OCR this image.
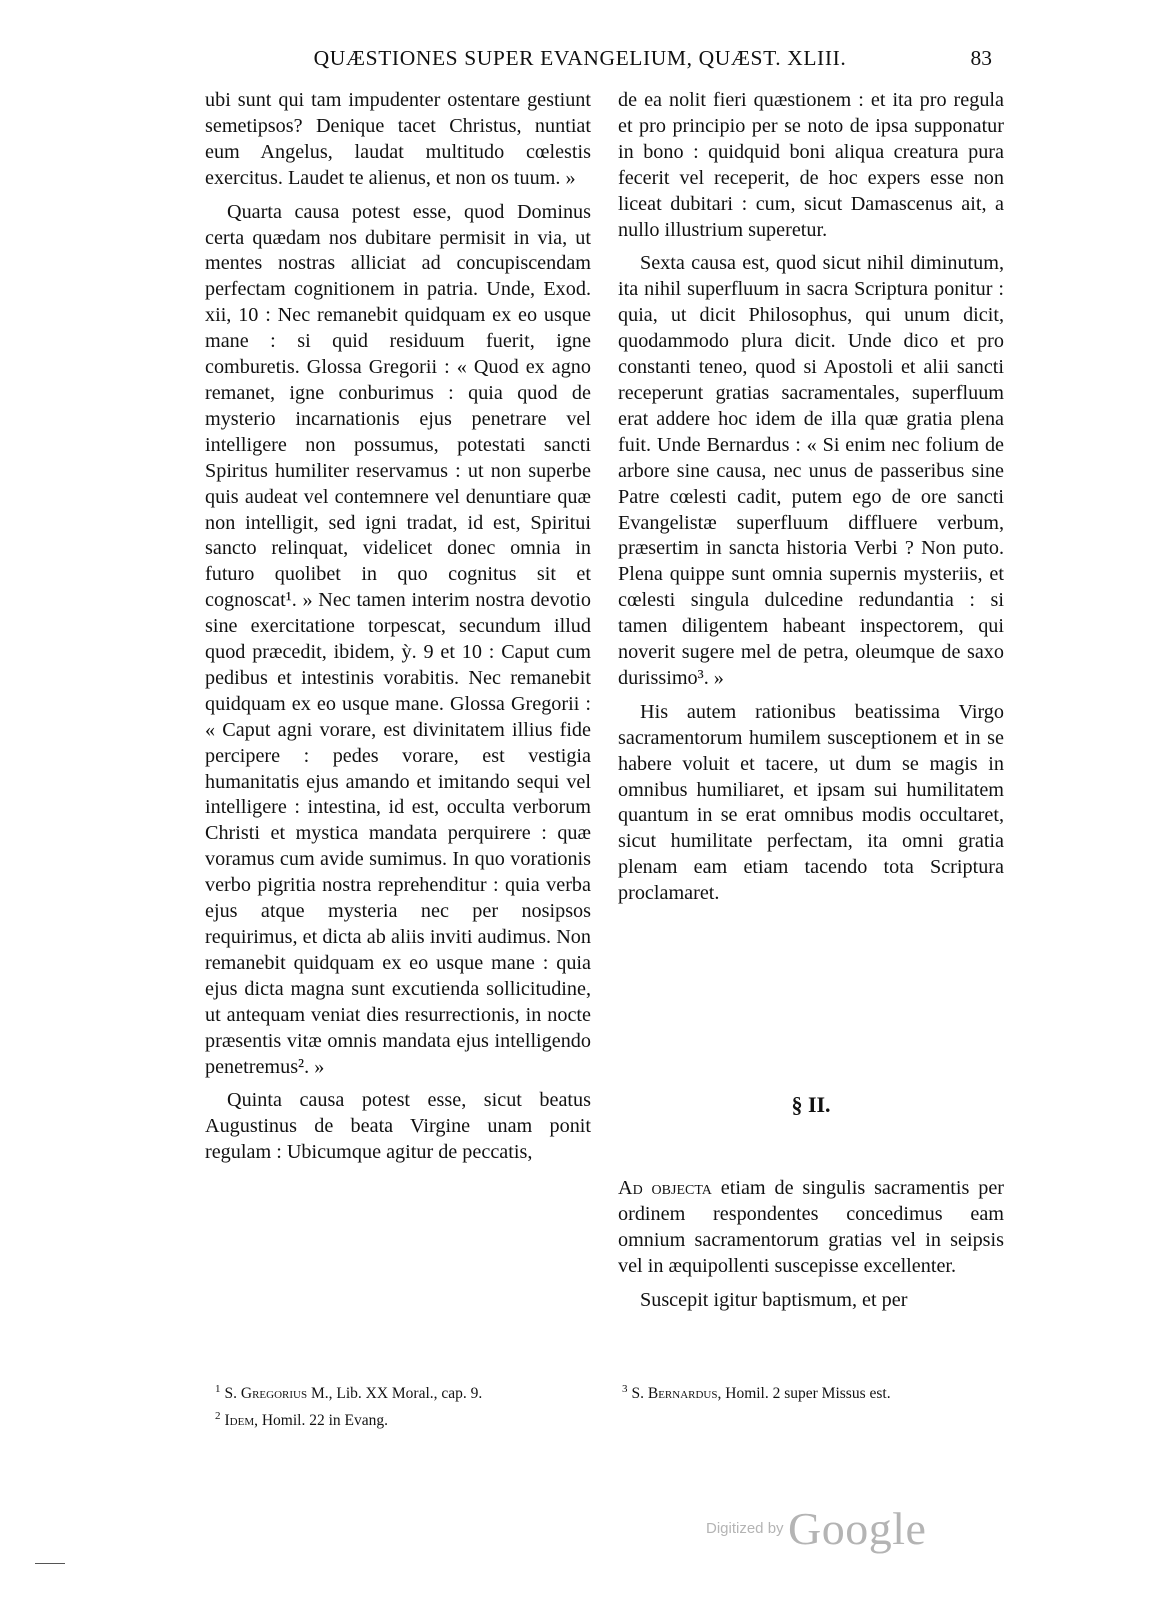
QUÆSTIONES SUPER EVANGELIUM, QUÆST. XLIII.	83

ubi sunt qui tam impudenter ostentare gestiunt semetipsos? Denique tacet Christus, nuntiat eum Angelus, laudat multitudo cœlestis exercitus. Laudet te alienus, et non os tuum. »

Quarta causa potest esse, quod Dominus certa quædam nos dubitare permisit in via, ut mentes nostras alliciat ad concupiscendam perfectam cognitionem in patria. Unde, Exod. xii, 10 : Nec remanebit quidquam ex eo usque mane : si quid residuum fuerit, igne comburetis. Glossa Gregorii : « Quod ex agno remanet, igne conburimus : quia quod de mysterio incarnationis ejus penetrare vel intelligere non possumus, potestati sancti Spiritus humiliter reservamus : ut non superbe quis audeat vel contemnere vel denuntiare quæ non intelligit, sed igni tradat, id est, Spiritui sancto relinquat, videlicet donec omnia in futuro quolibet in quo cognitus sit et cognoscat¹. » Nec tamen interim nostra devotio sine exercitatione torpescat, secundum illud quod præcedit, ibidem, ỳ. 9 et 10 : Caput cum pedibus et intestinis vorabitis. Nec remanebit quidquam ex eo usque mane. Glossa Gregorii : « Caput agni vorare, est divinitatem illius fide percipere : pedes vorare, est vestigia humanitatis ejus amando et imitando sequi vel intelligere : intestina, id est, occulta verborum Christi et mystica mandata perquirere : quæ voramus cum avide sumimus. In quo vorationis verbo pigritia nostra reprehenditur : quia verba ejus atque mysteria nec per nosipsos requirimus, et dicta ab aliis inviti audimus. Non remanebit quidquam ex eo usque mane : quia ejus dicta magna sunt excutienda sollicitudine, ut antequam veniat dies resurrectionis, in nocte præsentis vitæ omnis mandata ejus intelligendo penetremus². »

Quinta causa potest esse, sicut beatus Augustinus de beata Virgine unam ponit regulam : Ubicumque agitur de peccatis,

de ea nolit fieri quæstionem : et ita pro regula et pro principio per se noto de ipsa supponatur in bono : quidquid boni aliqua creatura pura fecerit vel receperit, de hoc expers esse non liceat dubitari : cum, sicut Damascenus ait, a nullo illustrium superetur.

Sexta causa est, quod sicut nihil diminutum, ita nihil superfluum in sacra Scriptura ponitur : quia, ut dicit Philosophus, qui unum dicit, quodammodo plura dicit. Unde dico et pro constanti teneo, quod si Apostoli et alii sancti receperunt gratias sacramentales, superfluum erat addere hoc idem de illa quæ gratia plena fuit. Unde Bernardus : « Si enim nec folium de arbore sine causa, nec unus de passeribus sine Patre cœlesti cadit, putem ego de ore sancti Evangelistæ superfluum diffluere verbum, præsertim in sancta historia Verbi ? Non puto. Plena quippe sunt omnia supernis mysteriis, et cœlesti singula dulcedine redundantia : si tamen diligentem habeant inspectorem, qui noverit sugere mel de petra, oleumque de saxo durissimo³. »

His autem rationibus beatissima Virgo sacramentorum humilem susceptionem et in se habere voluit et tacere, ut dum se magis in omnibus humiliaret, et ipsam sui humilitatem quantum in se erat omnibus modis occultaret, sicut humilitate perfectam, ita omni gratia plenam eam etiam tacendo tota Scriptura proclamaret.

§ II.

Ad objecta etiam de singulis sacramentis per ordinem respondentes concedimus eam omnium sacramentorum gratias vel in seipsis vel in æquipollenti suscepisse excellenter.

Suscepit igitur baptismum, et per

$^1$ S. Gregorius M., Lib. XX Moral., cap. 9.
$^2$ Idem, Homil. 22 in Evang.
$^3$ S. Bernardus, Homil. 2 super Missus est.
Digitized by Google
